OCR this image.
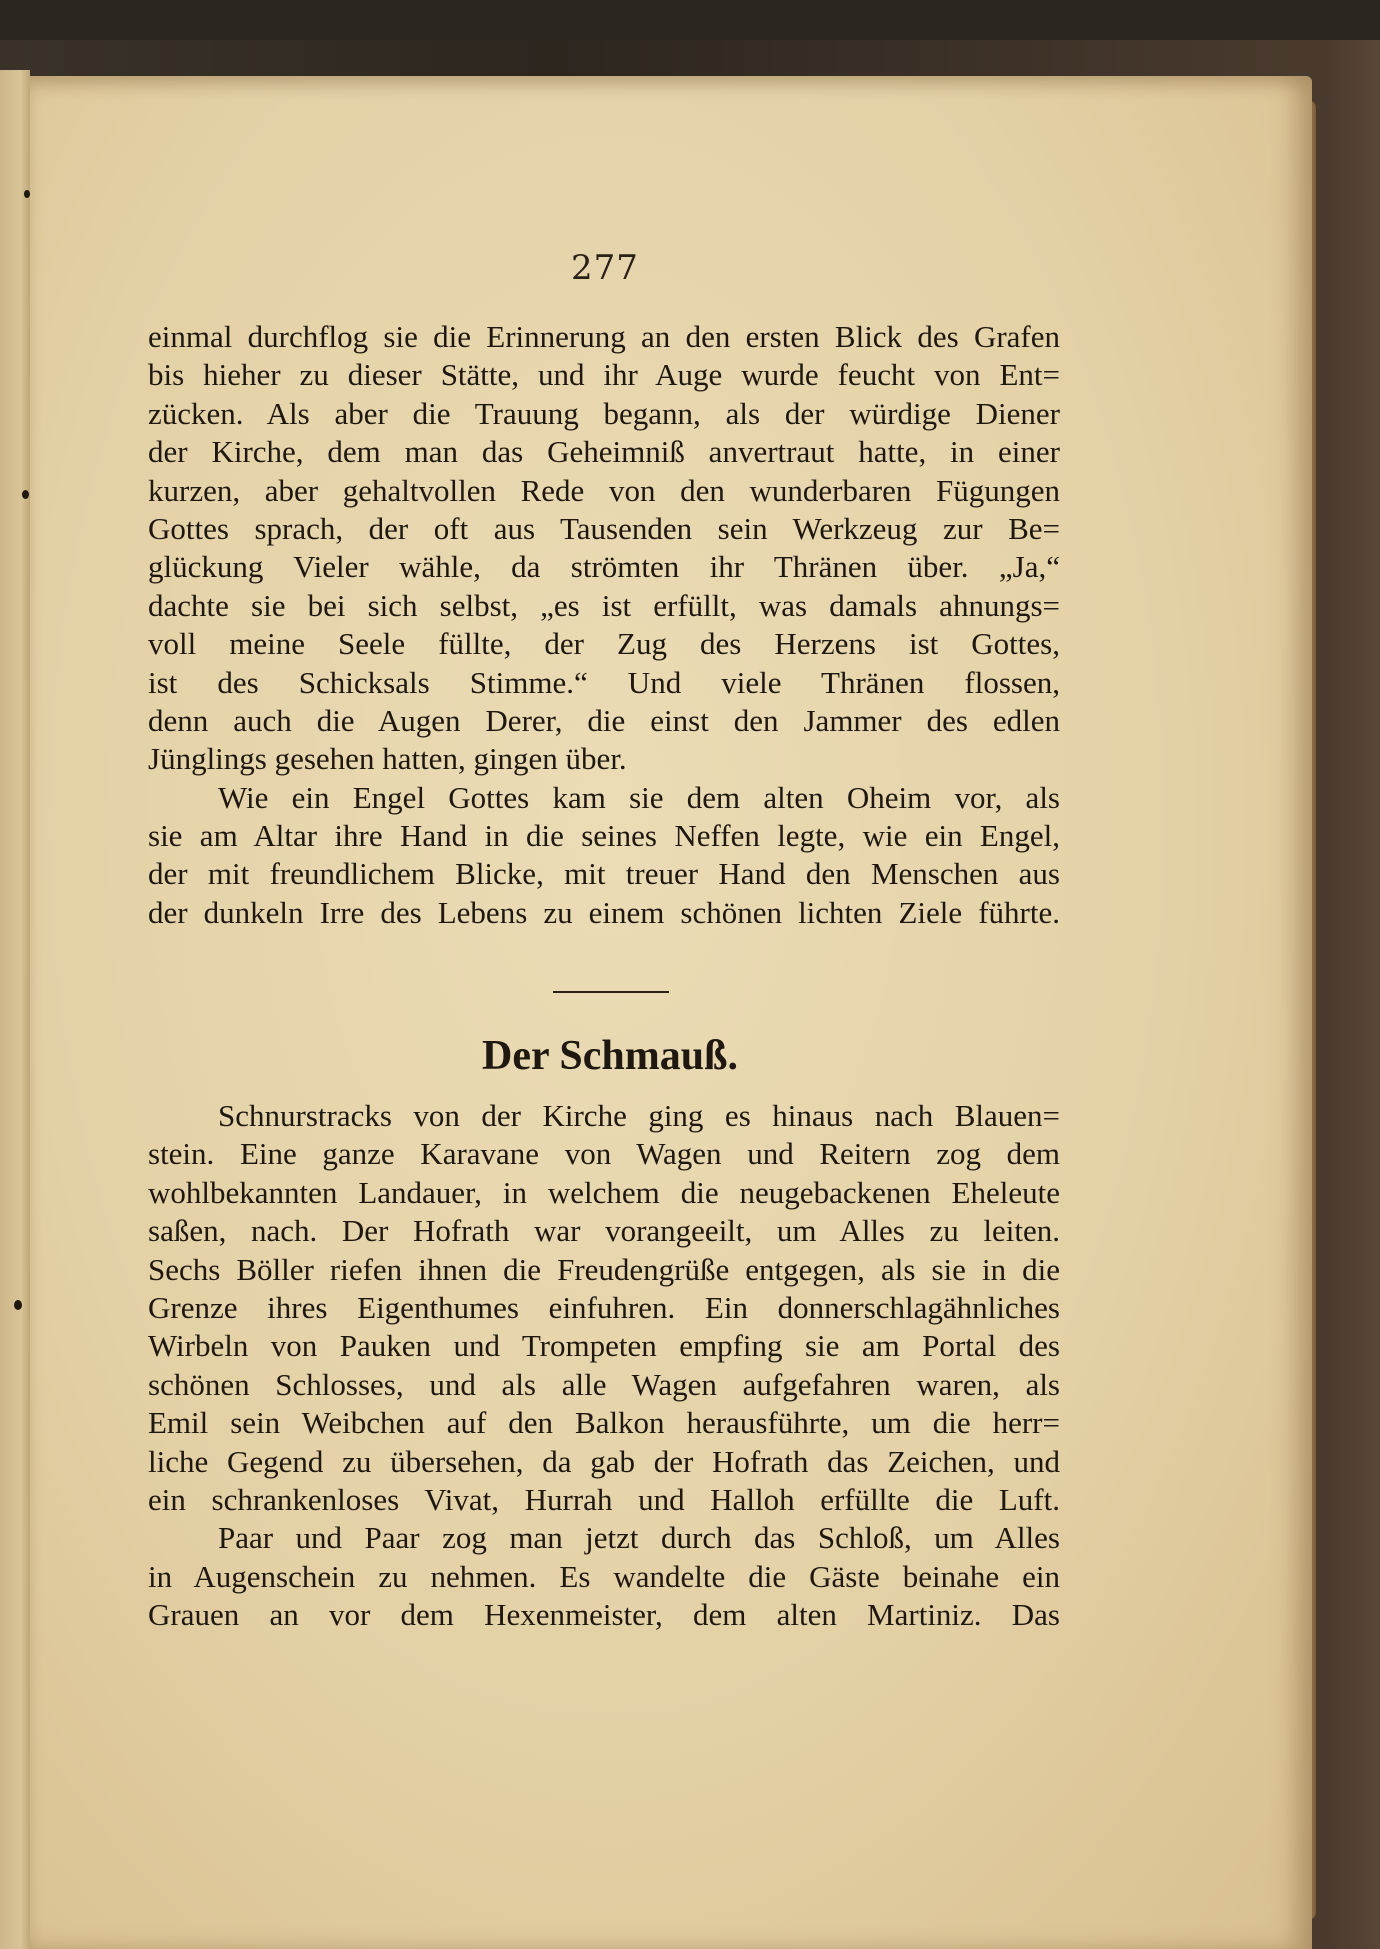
277
einmal durchflog sie die Erinnerung an den ersten Blick des Grafen
bis hieher zu dieser Stätte, und ihr Auge wurde feucht von Ent=
zücken. Als aber die Trauung begann, als der würdige Diener
der Kirche, dem man das Geheimniß anvertraut hatte, in einer
kurzen, aber gehaltvollen Rede von den wunderbaren Fügungen
Gottes sprach, der oft aus Tausenden sein Werkzeug zur Be=
glückung Vieler wähle, da strömten ihr Thränen über. „Ja,“
dachte sie bei sich selbst, „es ist erfüllt, was damals ahnungs=
voll meine Seele füllte, der Zug des Herzens ist Gottes,
ist des Schicksals Stimme.“ Und viele Thränen flossen,
denn auch die Augen Derer, die einst den Jammer des edlen
Jünglings gesehen hatten, gingen über.
Wie ein Engel Gottes kam sie dem alten Oheim vor, als
sie am Altar ihre Hand in die seines Neffen legte, wie ein Engel,
der mit freundlichem Blicke, mit treuer Hand den Menschen aus
der dunkeln Irre des Lebens zu einem schönen lichten Ziele führte.
Der Schmauß.
Schnurstracks von der Kirche ging es hinaus nach Blauen=
stein. Eine ganze Karavane von Wagen und Reitern zog dem
wohlbekannten Landauer, in welchem die neugebackenen Eheleute
saßen, nach. Der Hofrath war vorangeeilt, um Alles zu leiten.
Sechs Böller riefen ihnen die Freudengrüße entgegen, als sie in die
Grenze ihres Eigenthumes einfuhren. Ein donnerschlagähnliches
Wirbeln von Pauken und Trompeten empfing sie am Portal des
schönen Schlosses, und als alle Wagen aufgefahren waren, als
Emil sein Weibchen auf den Balkon herausführte, um die herr=
liche Gegend zu übersehen, da gab der Hofrath das Zeichen, und
ein schrankenloses Vivat, Hurrah und Halloh erfüllte die Luft.
Paar und Paar zog man jetzt durch das Schloß, um Alles
in Augenschein zu nehmen. Es wandelte die Gäste beinahe ein
Grauen an vor dem Hexenmeister, dem alten Martiniz. Das
